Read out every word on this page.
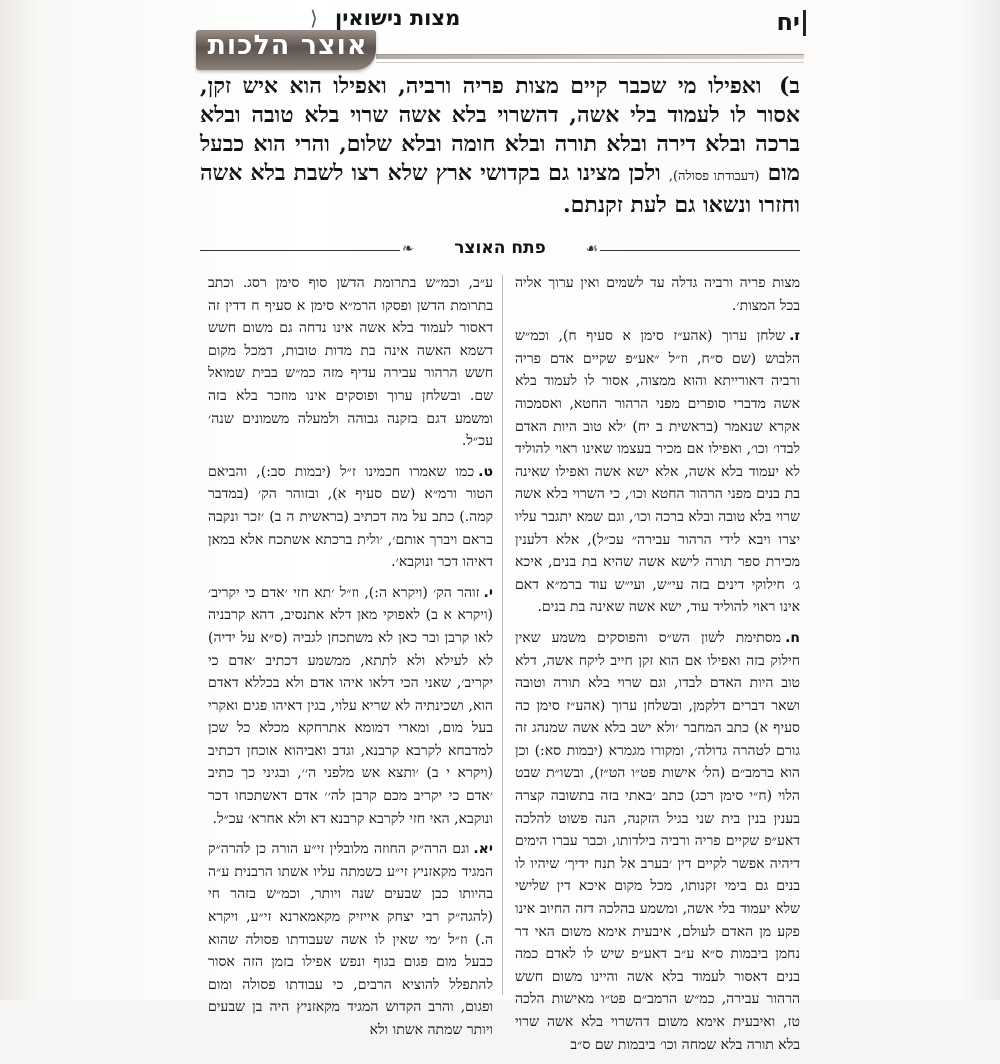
יח
מצות נישואין
⟩
אוצר הלכות
ב) ואפילו מי שכבר קיים מצות פריה ורביה, ואפילו הוא איש זקן, אסור לו לעמוד בלי אשה, דהשרוי בלא אשה שרוי בלא טובה ובלא ברכה ובלא דירה ובלא תורה ובלא חומה ובלא שלום, והרי הוא כבעל מום (דעבודתו פסולה), ולכן מצינו גם בקדושי ארץ שלא רצו לשבת בלא אשה וחזרו ונשאו גם לעת זקנתם.
❧	פתח האוצר	☙

מצות פריה ורביה גדלה עד לשמים ואין ערוך אליה בכל המצות׳.

ז.שלחן ערוך (אהע״ז סימן א סעיף ח), וכמ״ש הלבוש (שם ס״ח, וז״ל ״אע״פ שקיים אדם פריה ורביה דאורייתא והוא ממצוה, אסור לו לעמוד בלא אשה מדברי סופרים מפני הרהור החטא, ואסמכוה אקרא שנאמר (בראשית ב יח) ׳לא טוב היות האדם לבדו׳ וכו׳, ואפילו אם מכיר בעצמו שאינו ראוי להוליד לא יעמוד בלא אשה, אלא ישא אשה ואפילו שאינה בת בנים מפני הרהור החטא וכו׳, כי השרוי בלא אשה שרוי בלא טובה ובלא ברכה וכו׳, וגם שמא יתגבר עליו יצרו ויבא לידי הרהור עבירה״ עכ״ל), אלא דלענין מכירת ספר תורה לישא אשה שהיא בת בנים, איכא ג׳ חילוקי דינים בזה עי״ש, ועי״ש עוד ברמ״א דאם אינו ראוי להוליד עוד, ישא אשה שאינה בת בנים.

ח.מסתימת לשון הש״ס והפוסקים משמע שאין חילוק בזה ואפילו אם הוא זקן חייב ליקח אשה, דלא טוב היות האדם לבדו, וגם שרוי בלא תורה וטובה ושאר דברים דלקמן, ובשלחן ערוך (אהע״ז סימן כה סעיף א) כתב המחבר ׳ולא ישב בלא אשה שמנהג זה גורם לטהרה גדולה׳, ומקורו מגמרא (יבמות סא:) וכן הוא ברמב״ם (הל׳ אישות פט״ו הט״ז), ובשו״ת שבט הלוי (ח״י סימן רכג) כתב ׳באתי בזה בתשובה קצרה בענין בנין בית שני בגיל הזקנה, הנה פשוט להלכה דאע״פ שקיים פריה ורביה בילדותו, וכבר עברו הימים דיהיה אפשר לקיים דין ׳בערב אל תנח ידיך׳ שיהיו לו בנים גם בימי זקנותו, מכל מקום איכא דין שלישי שלא יעמוד בלי אשה, ומשמע בהלכה דזה החיוב אינו פקע מן האדם לעולם, איבעית אימא משום האי דר נחמן ביבמות ס״א ע״ב דאע״פ שיש לו לאדם כמה בנים דאסור לעמוד בלא אשה והיינו משום חשש הרהור עבירה, כמ״ש הרמב״ם פט״ו מאישות הלכה טז, ואיבעית אימא משום דהשרוי בלא אשה שרוי בלא תורה בלא שמחה וכו׳ ביבמות שם ס״ב

ע״ב, וכמ״ש בתרומת הדשן סוף סימן רסג. וכתב בתרומת הדשן ופסקו הרמ״א סימן א סעיף ח דדין זה דאסור לעמוד בלא אשה אינו נדחה גם משום חשש דשמא האשה אינה בת מדות טובות, דמכל מקום חשש הרהור עבירה עדיף מזה כמ״ש בבית שמואל שם. ובשלחן ערוך ופוסקים אינו מוזכר בלא בזה ומשמע דגם בזקנה גבוהה ולמעלה משמונים שנה׳ עכ״ל.

ט.כמו שאמרו חכמינו ז״ל (יבמות סב:), והביאם הטור ורמ״א (שם סעיף א), ובזוהר הק׳ (במדבר קמה.) כתב על מה דכתיב (בראשית ה ב) ׳זכר ונקבה בראם ויברך אותם׳, ׳ולית ברכתא אשתכח אלא במאן דאיהו דכר ונוקבא׳.

י.זוהר הק׳ (ויקרא ה:), וז״ל ׳תא חזי ׳אדם כי יקריב׳ (ויקרא א ב) לאפוקי מאן דלא אתנסיב, דהא קרבניה לאו קרבן ובר כאן לא משתכחן לגביה (ס״א על ידיה) לא לעילא ולא לתתא, ממשמע דכתיב ׳אדם כי יקריב׳, שאני הכי דלאו איהו אדם ולא בכללא דאדם הוא, ושכינתיה לא שריא עלוי, בגין דאיהו פגים ואקרי בעל מום, ומארי דמומא אתרחקא מכלא כל שכן למדבחא לקרבא קרבנא, וגדב ואביהוא אוכחן דכתיב (ויקרא י ב) ׳ותצא אש מלפני ה׳׳, ובגיני כך כתיב ׳אדם כי יקריב מכם קרבן לה׳׳ אדם דאשתכחו דכר ונוקבא, האי חזי לקרבא קרבנא דא ולא אחרא׳ עכ״ל.

יא.וגם הרה״ק החוזה מלובלין זי״ע הורה כן להרה״ק המגיד מקאזניץ זי״ע כשמתה עליו אשתו הרבנית ע״ה בהיותו כבן שבעים שנה ויותר, וכמ״ש בזהר חי (להגה״ק רבי יצחק אייזיק מקאמארנא זי״ע, ויקרא ה.) וז״ל ׳מי שאין לו אשה שעבודתו פסולה שהוא כבעל מום פגום בגוף ונפש אפילו בזמן הזה אסור להתפלל להוציא הרבים, כי עבודתו פסולה ומום ופגום, והרב הקדוש המגיד מקאזניץ היה בן שבעים ויותר שמתה אשתו ולא
